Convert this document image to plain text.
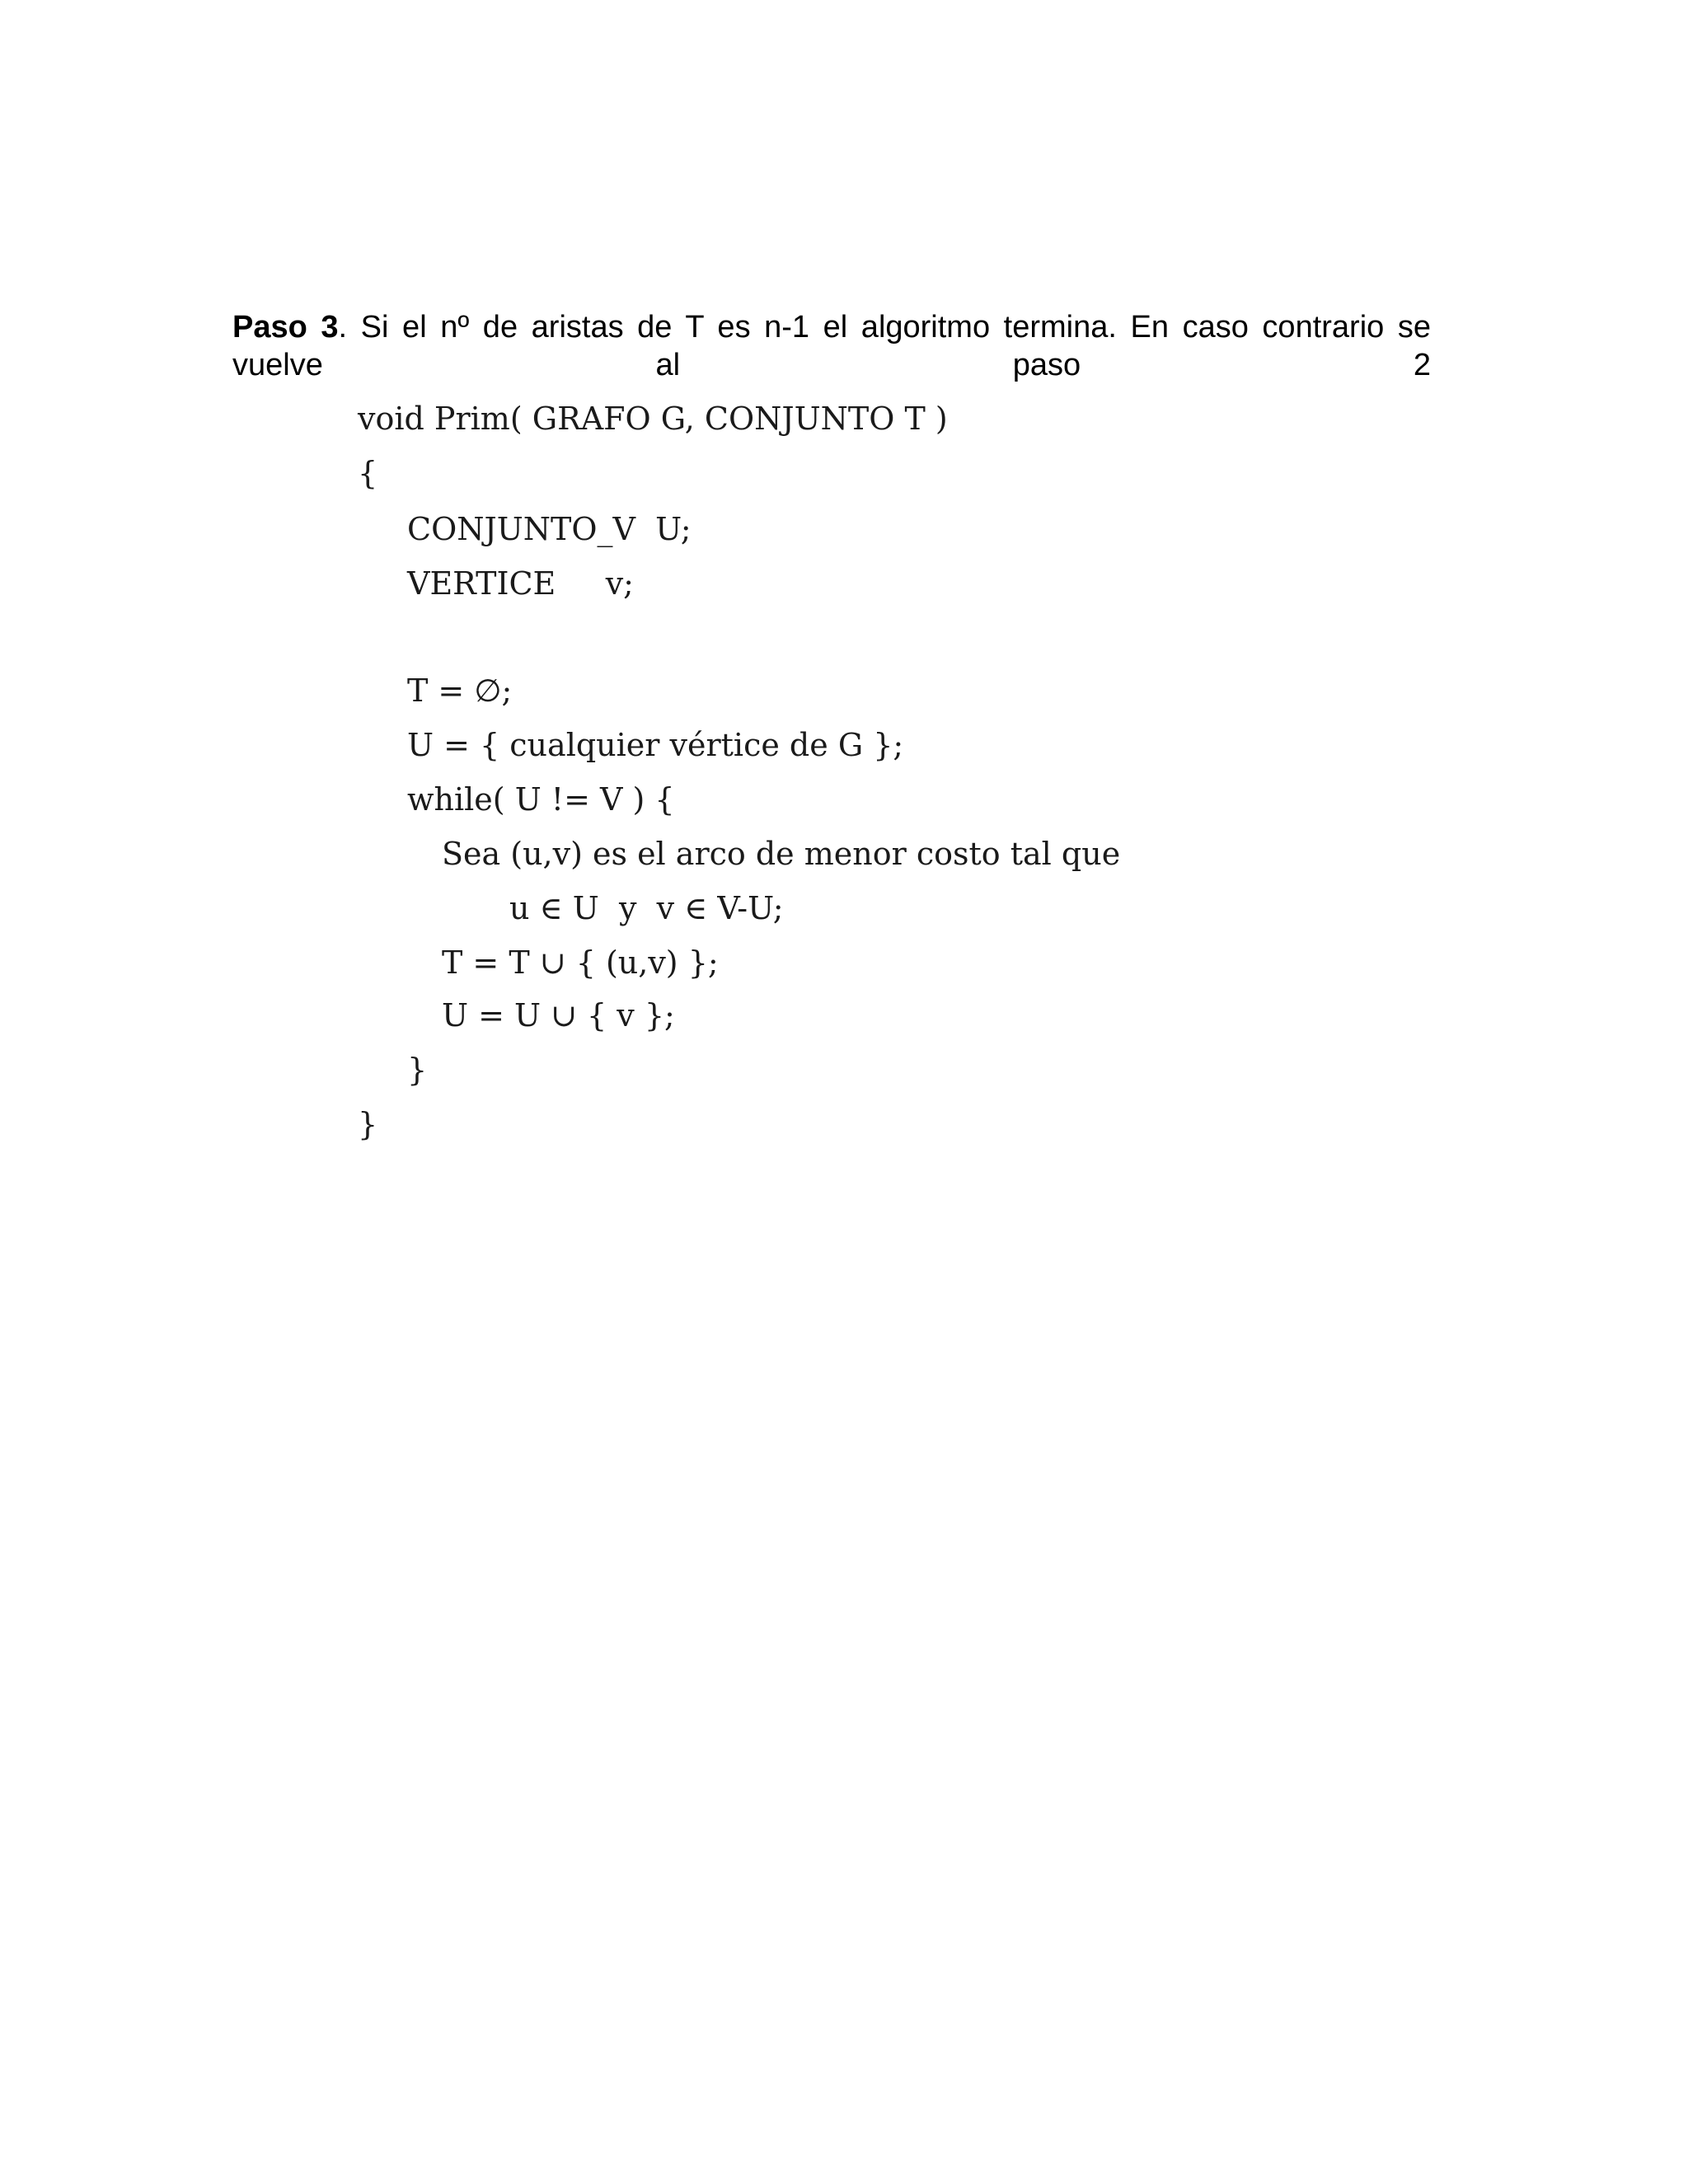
Paso 3. Si el nº de aristas de T es n-1 el algoritmo termina. En caso contrario se
vuelve	al	paso	2
void Prim( GRAFO G, CONJUNTO T )
{
CONJUNTO_V  U;
VERTICE     v;
T = ∅;
U = { cualquier vértice de G };
while( U != V ) {
Sea (u,v) es el arco de menor costo tal que
u ∈ U  y  v ∈ V-U;
T = T ∪ { (u,v) };
U = U ∪ { v };
}
}
